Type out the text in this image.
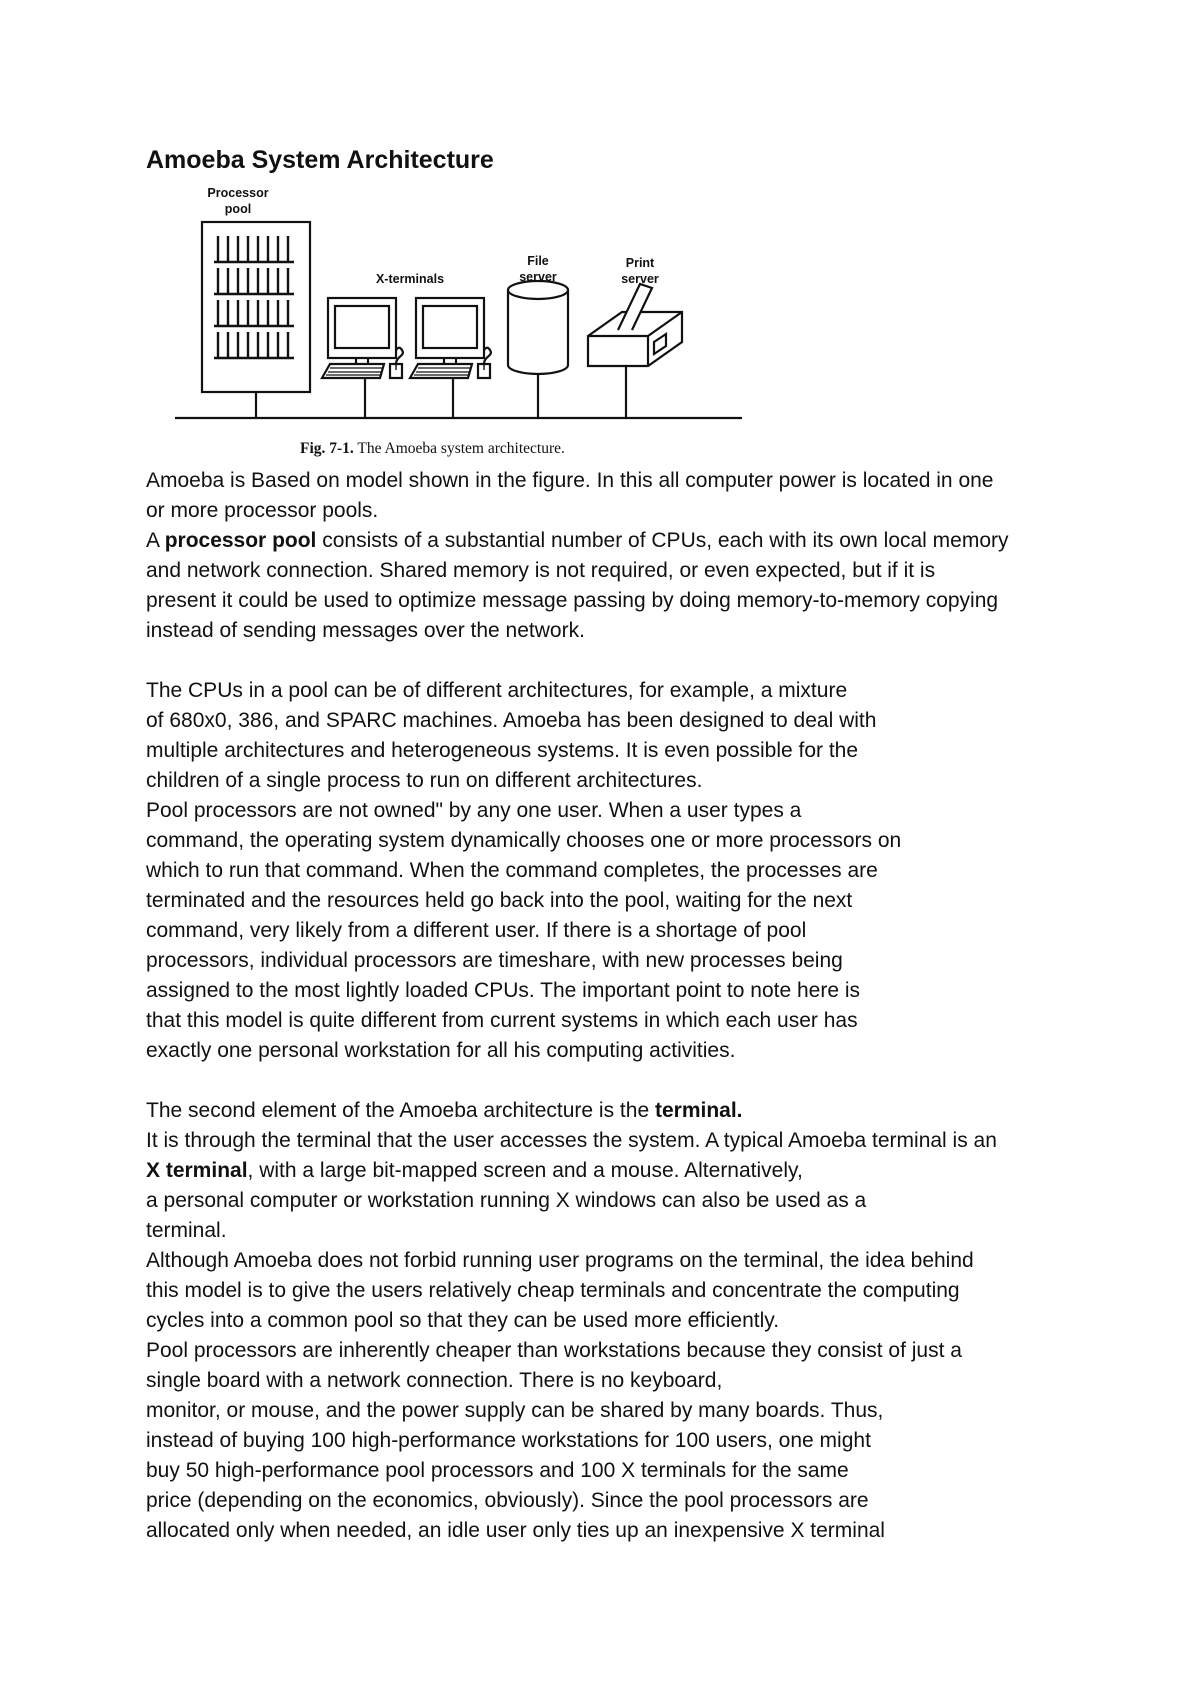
Amoeba System Architecture
Processor
pool
X-terminals
File
server
Print
server
Fig. 7-1. The Amoeba system architecture.

Amoeba is Based on model shown in the figure. In this all computer power is located in one

or more processor pools.

A processor pool consists of a substantial number of CPUs, each with its own local memory

and network connection. Shared memory is not required, or even expected, but if it is

present it could be used to optimize message passing by doing memory-to-memory copying

instead of sending messages over the network.

The CPUs in a pool can be of different architectures, for example, a mixture

of 680x0, 386, and SPARC machines. Amoeba has been designed to deal with

multiple architectures and heterogeneous systems. It is even possible for the

children of a single process to run on different architectures.

Pool processors are not owned" by any one user. When a user types a

command, the operating system dynamically chooses one or more processors on

which to run that command. When the command completes, the processes are

terminated and the resources held go back into the pool, waiting for the next

command, very likely from a different user. If there is a shortage of pool

processors, individual processors are timeshare, with new processes being

assigned to the most lightly loaded CPUs. The important point to note here is

that this model is quite different from current systems in which each user has

exactly one personal workstation for all his computing activities.

The second element of the Amoeba architecture is the terminal.

It is through the terminal that the user accesses the system. A typical Amoeba terminal is an

X terminal, with a large bit-mapped screen and a mouse. Alternatively,

a personal computer or workstation running X windows can also be used as a

terminal.

Although Amoeba does not forbid running user programs on the terminal, the idea behind

this model is to give the users relatively cheap terminals and concentrate the computing

cycles into a common pool so that they can be used more efficiently.

Pool processors are inherently cheaper than workstations because they consist of just a

single board with a network connection. There is no keyboard,

monitor, or mouse, and the power supply can be shared by many boards. Thus,

instead of buying 100 high-performance workstations for 100 users, one might

buy 50 high-performance pool processors and 100 X terminals for the same

price (depending on the economics, obviously). Since the pool processors are

allocated only when needed, an idle user only ties up an inexpensive X terminal
